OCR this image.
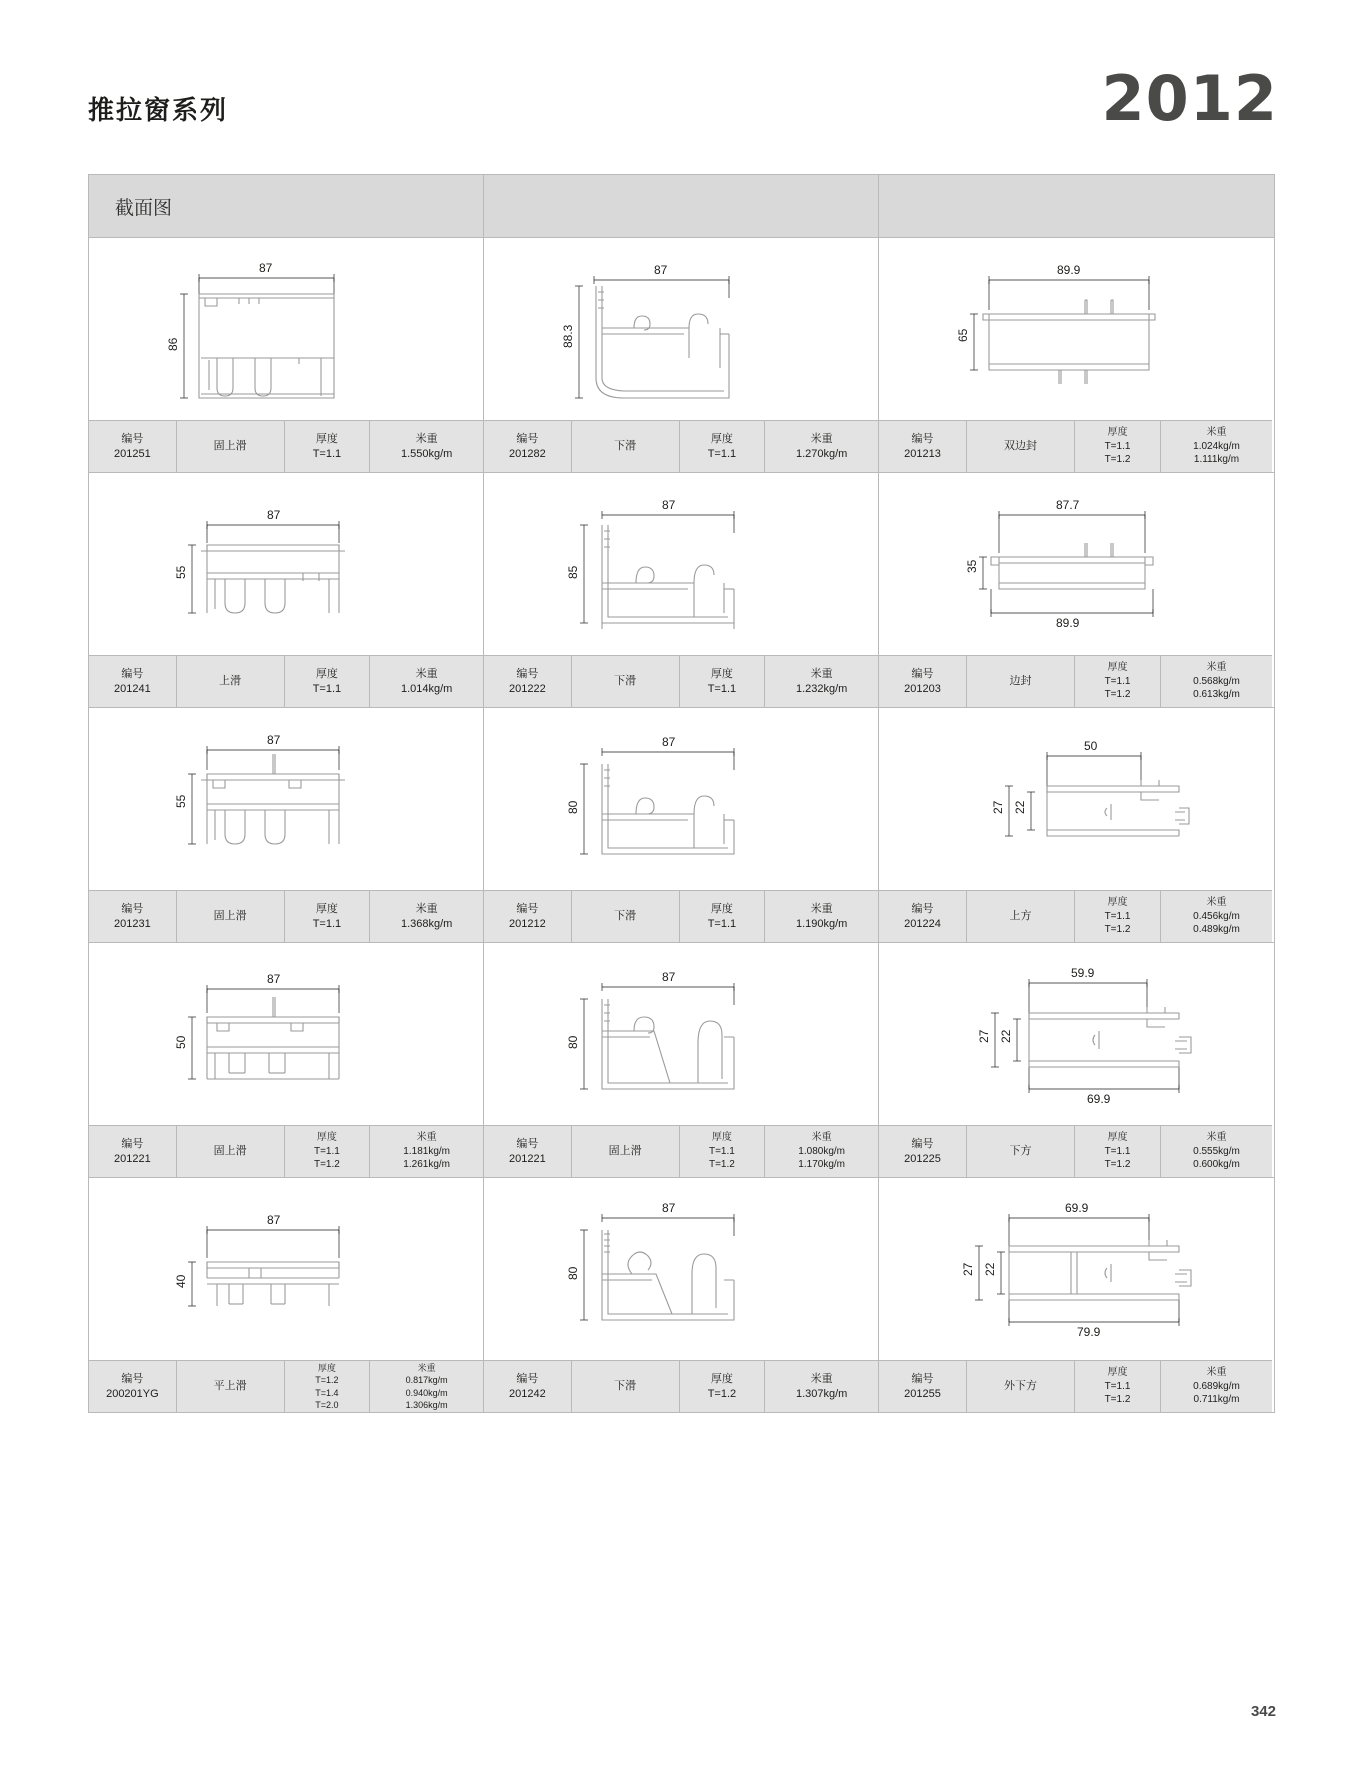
推拉窗系列	2012
截面图
87
86
编号
201251
固上滑
厚度
T=1.1
米重
1.550kg/m
87
88.3
编号
201282
下滑
厚度
T=1.1
米重
1.270kg/m
89.9
65
编号
201213
双边封
厚度
T=1.1
T=1.2
米重
1.024kg/m
1.111kg/m
87
55
编号
201241
上滑
厚度
T=1.1
米重
1.014kg/m
87
85
编号
201222
下滑
厚度
T=1.1
米重
1.232kg/m
87.7
35
89.9
编号
201203
边封
厚度
T=1.1
T=1.2
米重
0.568kg/m
0.613kg/m
87
55
编号
201231
固上滑
厚度
T=1.1
米重
1.368kg/m
87
80
编号
201212
下滑
厚度
T=1.1
米重
1.190kg/m
50
27 22
编号
201224
上方
厚度
T=1.1
T=1.2
米重
0.456kg/m
0.489kg/m
87
50
编号
201221
固上滑
厚度
T=1.1
T=1.2
米重
1.181kg/m
1.261kg/m
87
80
编号
201221
固上滑
厚度
T=1.1
T=1.2
米重
1.080kg/m
1.170kg/m
59.9
27 22
69.9
编号
201225
下方
厚度
T=1.1
T=1.2
米重
0.555kg/m
0.600kg/m
87
40
编号
200201YG
平上滑
厚度
T=1.2
T=1.4
T=2.0
米重
0.817kg/m
0.940kg/m
1.306kg/m
87
80
编号
201242
下滑
厚度
T=1.2
米重
1.307kg/m
69.9
27 22
79.9
编号
201255
外下方
厚度
T=1.1
T=1.2
米重
0.689kg/m
0.711kg/m
342
